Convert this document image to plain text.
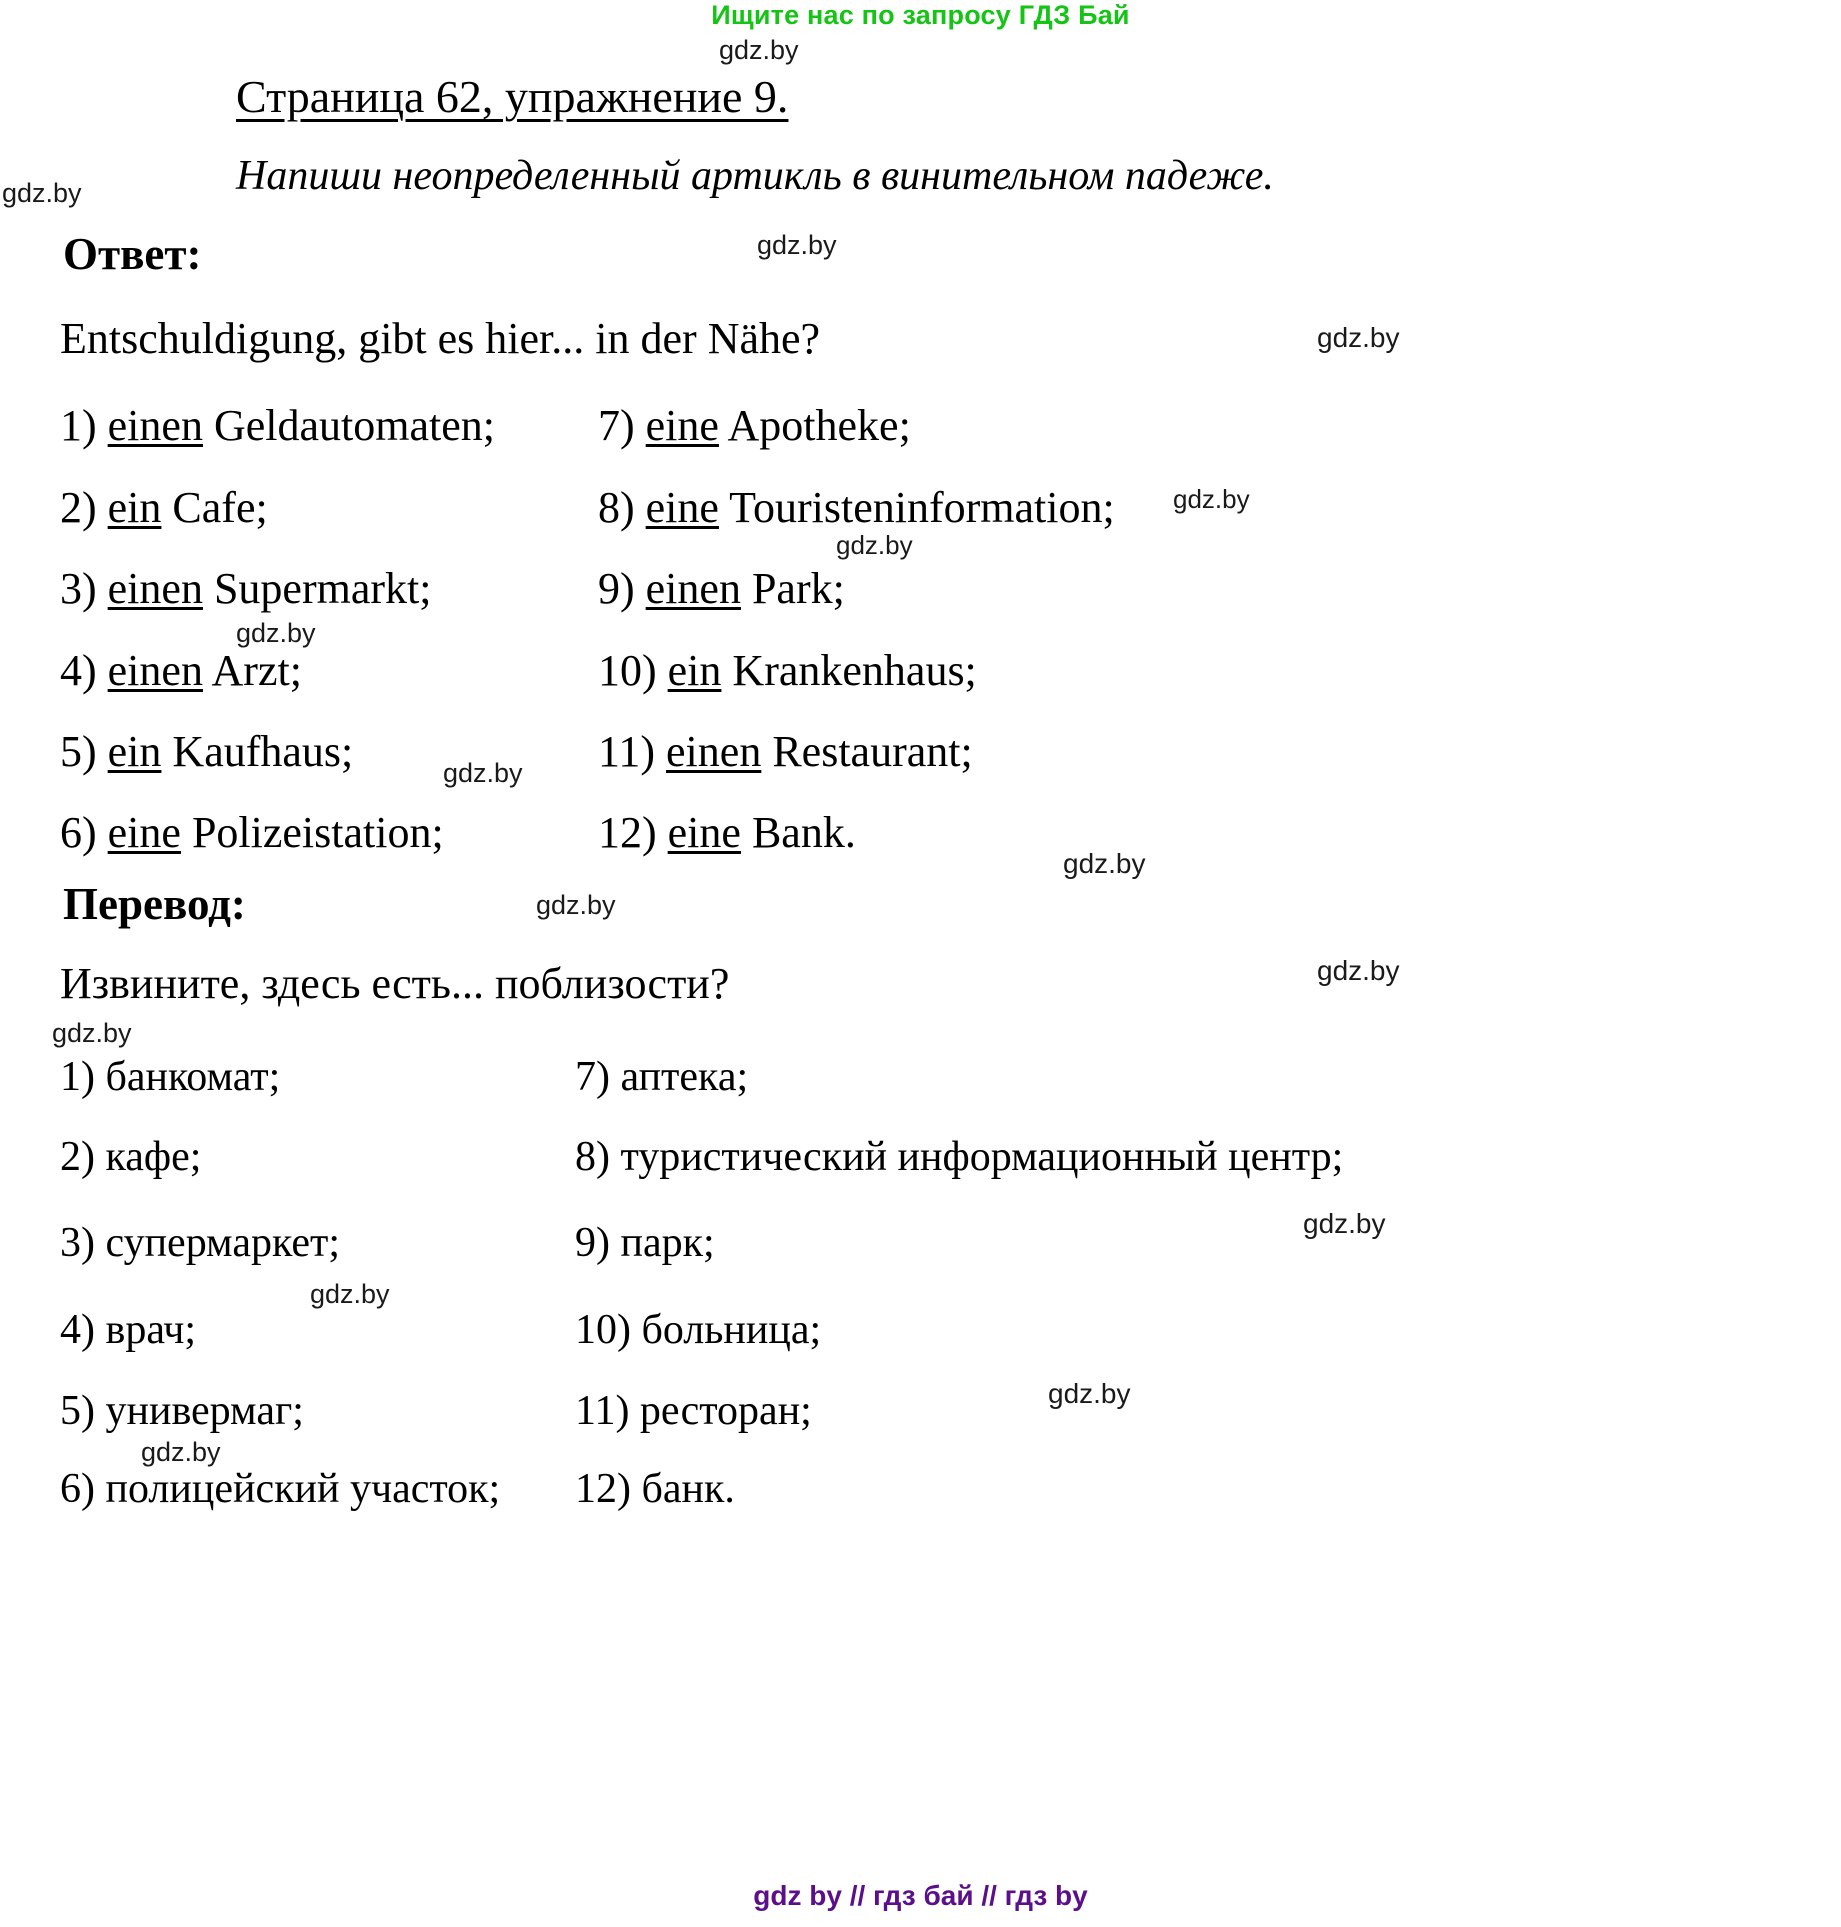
Ищите нас по запросу ГДЗ Бай
gdz.by
gdz.by
gdz.by
gdz.by
gdz.by
gdz.by
gdz.by
gdz.by
gdz.by
gdz.by
gdz.by
gdz.by
gdz.by
gdz.by
gdz.by
gdz.by
Страница 62, упражнение 9.
Напиши неопределенный артикль в винительном падеже.
Ответ:
Entschuldigung, gibt es hier... in der Nähe?
1) einen Geldautomaten;
2) ein Cafe;
3) einen Supermarkt;
4) einen Arzt;
5) ein Kaufhaus;
6) eine Polizeistation;
7) eine Apotheke;
8) eine Touristeninformation;
9) einen Park;
10) ein Krankenhaus;
11) einen Restaurant;
12) eine Bank.
Перевод:
Извините, здесь есть... поблизости?
1) банкомат;
2) кафе;
3) супермаркет;
4) врач;
5) универмаг;
6) полицейский участок;
7) аптека;
8) туристический информационный центр;
9) парк;
10) больница;
11) ресторан;
12) банк.
gdz by // гдз бай // гдз by
